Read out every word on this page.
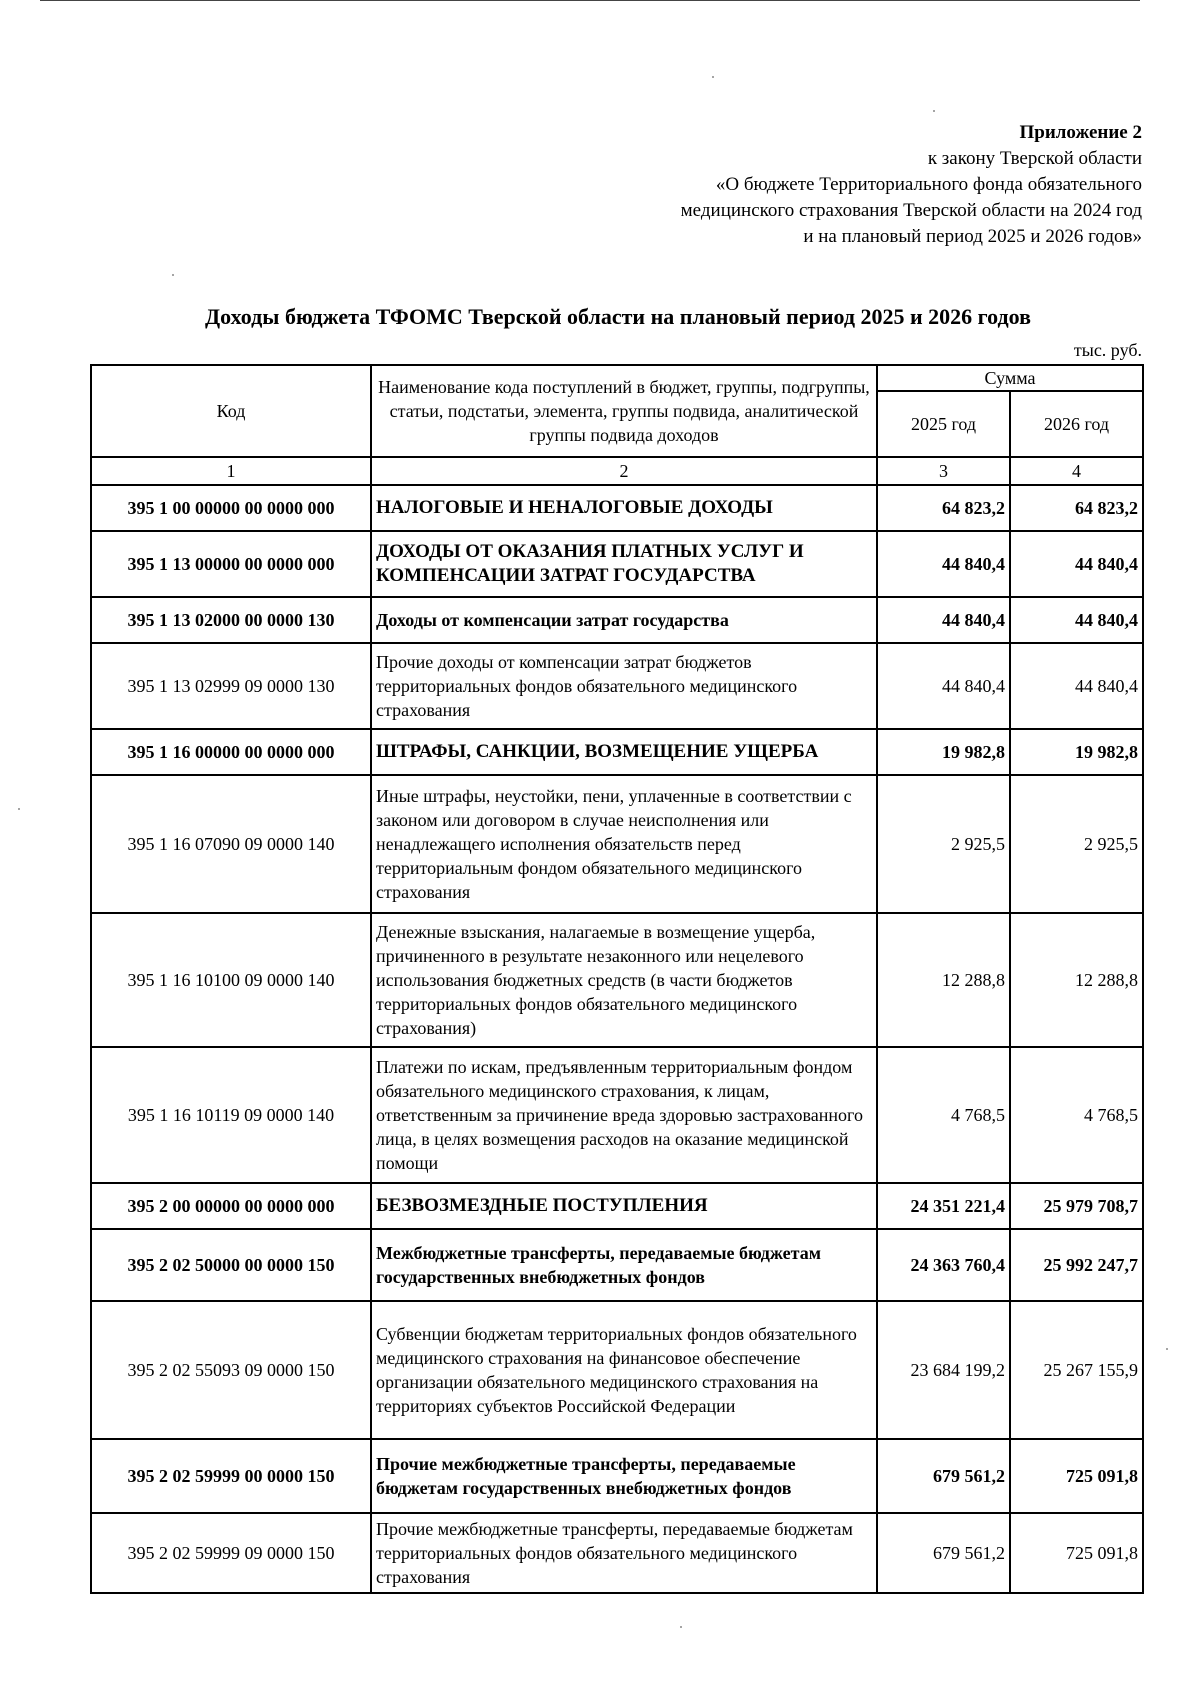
Приложение 2
к закону Тверской области
«О бюджете Территориального фонда обязательного
медицинского страхования Тверской области на 2024 год
и на плановый период 2025 и 2026 годов»
Доходы бюджета ТФОМС Тверской области на плановый период 2025 и 2026 годов
тыс. руб.
Код	Наименование кода поступлений в бюджет, группы, подгруппы, статьи, подстатьи, элемента, группы подвида, аналитической группы подвида доходов	Сумма	
		2025 год	2026 год
1	2	3	4
395 1 00 00000 00 0000 000	НАЛОГОВЫЕ И НЕНАЛОГОВЫЕ ДОХОДЫ	64 823,2	64 823,2
395 1 13 00000 00 0000 000	ДОХОДЫ ОТ ОКАЗАНИЯ ПЛАТНЫХ УСЛУГ И КОМПЕНСАЦИИ ЗАТРАТ ГОСУДАРСТВА	44 840,4	44 840,4
395 1 13 02000 00 0000 130	Доходы от компенсации затрат государства	44 840,4	44 840,4
395 1 13 02999 09 0000 130	Прочие доходы от компенсации затрат бюджетов территориальных фондов обязательного медицинского страхования	44 840,4	44 840,4
395 1 16 00000 00 0000 000	ШТРАФЫ, САНКЦИИ, ВОЗМЕЩЕНИЕ УЩЕРБА	19 982,8	19 982,8
395 1 16 07090 09 0000 140	Иные штрафы, неустойки, пени, уплаченные в соответствии с законом или договором в случае неисполнения или ненадлежащего исполнения обязательств перед территориальным фондом обязательного медицинского страхования	2 925,5	2 925,5
395 1 16 10100 09 0000 140	Денежные взыскания, налагаемые в возмещение ущерба, причиненного в результате незаконного или нецелевого использования бюджетных средств (в части бюджетов территориальных фондов обязательного медицинского страхования)	12 288,8	12 288,8
395 1 16 10119 09 0000 140	Платежи по искам, предъявленным территориальным фондом обязательного медицинского страхования, к лицам, ответственным за причинение вреда здоровью застрахованного лица, в целях возмещения расходов на оказание медицинской помощи	4 768,5	4 768,5
395 2 00 00000 00 0000 000	БЕЗВОЗМЕЗДНЫЕ ПОСТУПЛЕНИЯ	24 351 221,4	25 979 708,7
395 2 02 50000 00 0000 150	Межбюджетные трансферты, передаваемые бюджетам государственных внебюджетных фондов	24 363 760,4	25 992 247,7
395 2 02 55093 09 0000 150	Субвенции бюджетам территориальных фондов обязательного медицинского страхования на финансовое обеспечение организации обязательного медицинского страхования на территориях субъектов Российской Федерации	23 684 199,2	25 267 155,9
395 2 02 59999 00 0000 150	Прочие межбюджетные трансферты, передаваемые бюджетам государственных внебюджетных фондов	679 561,2	725 091,8
395 2 02 59999 09 0000 150	Прочие межбюджетные трансферты, передаваемые бюджетам территориальных фондов обязательного медицинского страхования	679 561,2	725 091,8
